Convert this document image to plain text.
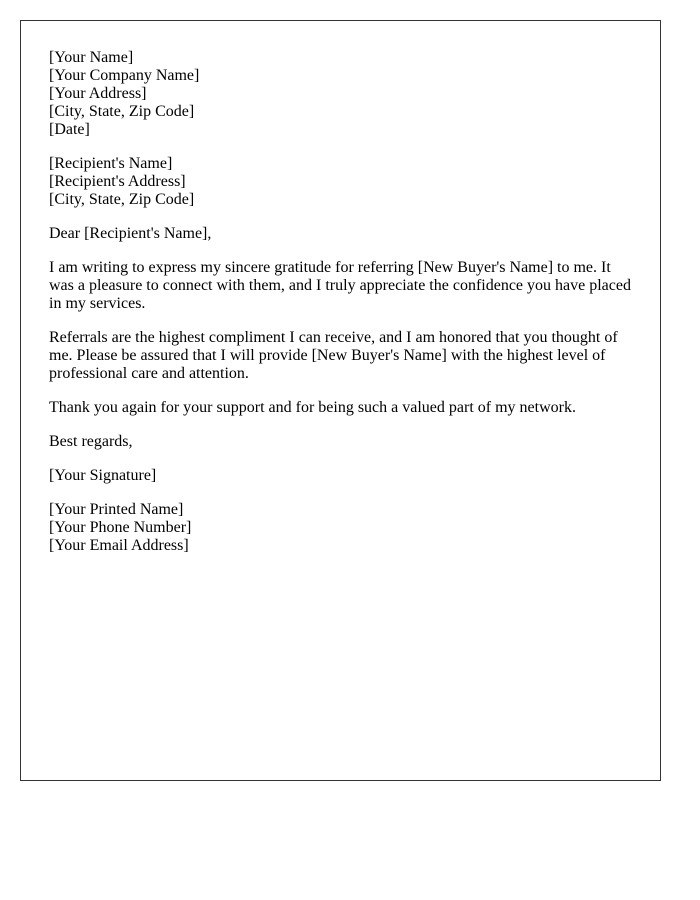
[Your Name]
[Your Company Name]
[Your Address]
[City, State, Zip Code]
[Date]
[Recipient's Name]
[Recipient's Address]
[City, State, Zip Code]

Dear [Recipient's Name],

I am writing to express my sincere gratitude for referring [New Buyer's Name] to me. It was a pleasure to connect with them, and I truly appreciate the confidence you have placed in my services.

Referrals are the highest compliment I can receive, and I am honored that you thought of me. Please be assured that I will provide [New Buyer's Name] with the highest level of professional care and attention.

Thank you again for your support and for being such a valued part of my network.

Best regards,

[Your Signature]

[Your Printed Name]
[Your Phone Number]
[Your Email Address]
